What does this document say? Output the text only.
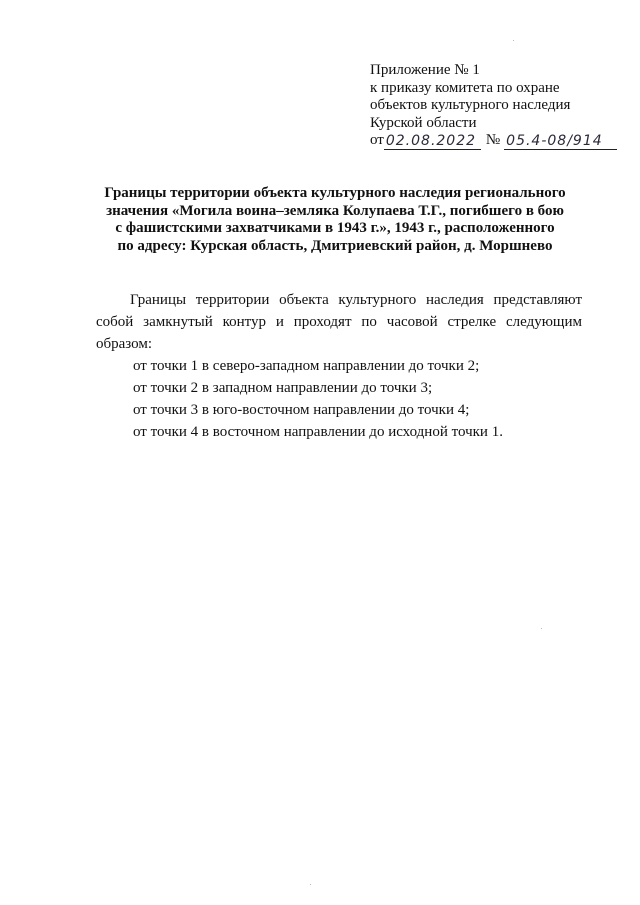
Приложение № 1
к приказу комитета по охране
объектов культурного наследия
Курской области
от 02.08.2022 № 05.4-08/914
Границы территории объекта культурного наследия регионального
значения «Могила воина–земляка Колупаева Т.Г., погибшего в бою
с фашистскими захватчиками в 1943 г.», 1943 г., расположенного
по адресу: Курская область, Дмитриевский район, д. Моршнево

Границы территории объекта культурного наследия представляют собой замкнутый контур и проходят по часовой стрелке следующим образом:

от точки 1 в северо-западном направлении до точки 2;
от точки 2 в западном направлении до точки 3;
от точки 3 в юго-восточном направлении до точки 4;
от точки 4 в восточном направлении до исходной точки 1.
